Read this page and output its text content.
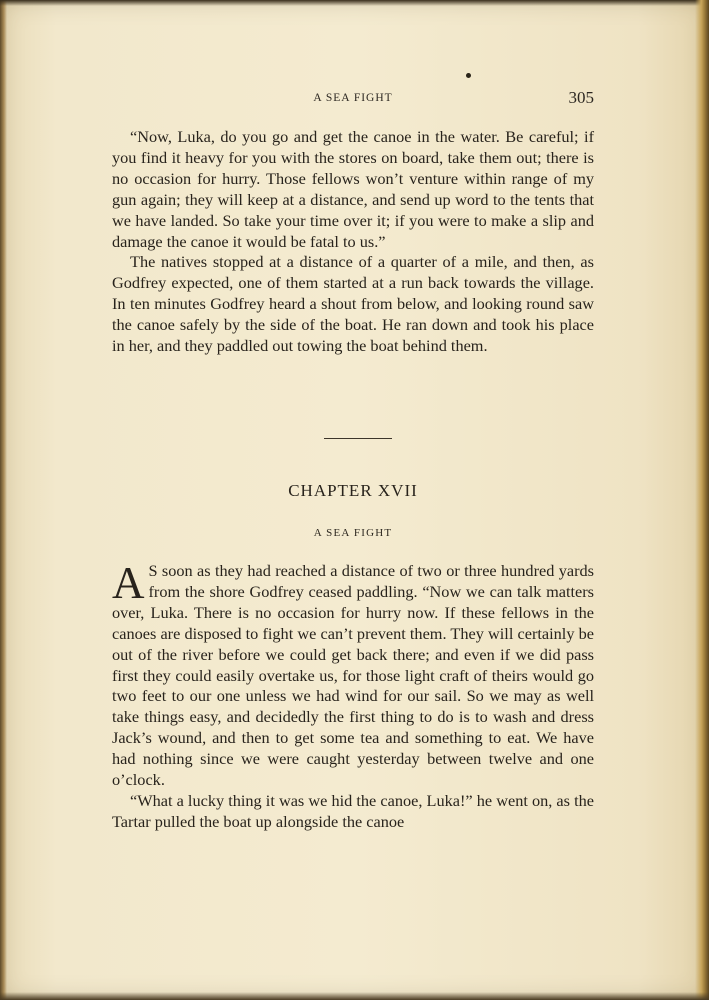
A SEA FIGHT	305

“Now, Luka, do you go and get the canoe in the water. Be careful; if you find it heavy for you with the stores on board, take them out; there is no occasion for hurry. Those fellows won’t venture within range of my gun again; they will keep at a distance, and send up word to the tents that we have landed. So take your time over it; if you were to make a slip and damage the canoe it would be fatal to us.”

The natives stopped at a distance of a quarter of a mile, and then, as Godfrey expected, one of them started at a run back towards the village. In ten minutes Godfrey heard a shout from below, and looking round saw the canoe safely by the side of the boat. He ran down and took his place in her, and they paddled out towing the boat behind them.

CHAPTER XVII
A SEA FIGHT

A S soon as they had reached a distance of two or three hundred yards from the shore Godfrey ceased paddling. “Now we can talk matters over, Luka. There is no occasion for hurry now. If these fellows in the canoes are disposed to fight we can’t prevent them. They will certainly be out of the river before we could get back there; and even if we did pass first they could easily overtake us, for those light craft of theirs would go two feet to our one unless we had wind for our sail. So we may as well take things easy, and decidedly the first thing to do is to wash and dress Jack’s wound, and then to get some tea and something to eat. We have had nothing since we were caught yesterday between twelve and one o’clock.

“What a lucky thing it was we hid the canoe, Luka!” he went on, as the Tartar pulled the boat up alongside the canoe
